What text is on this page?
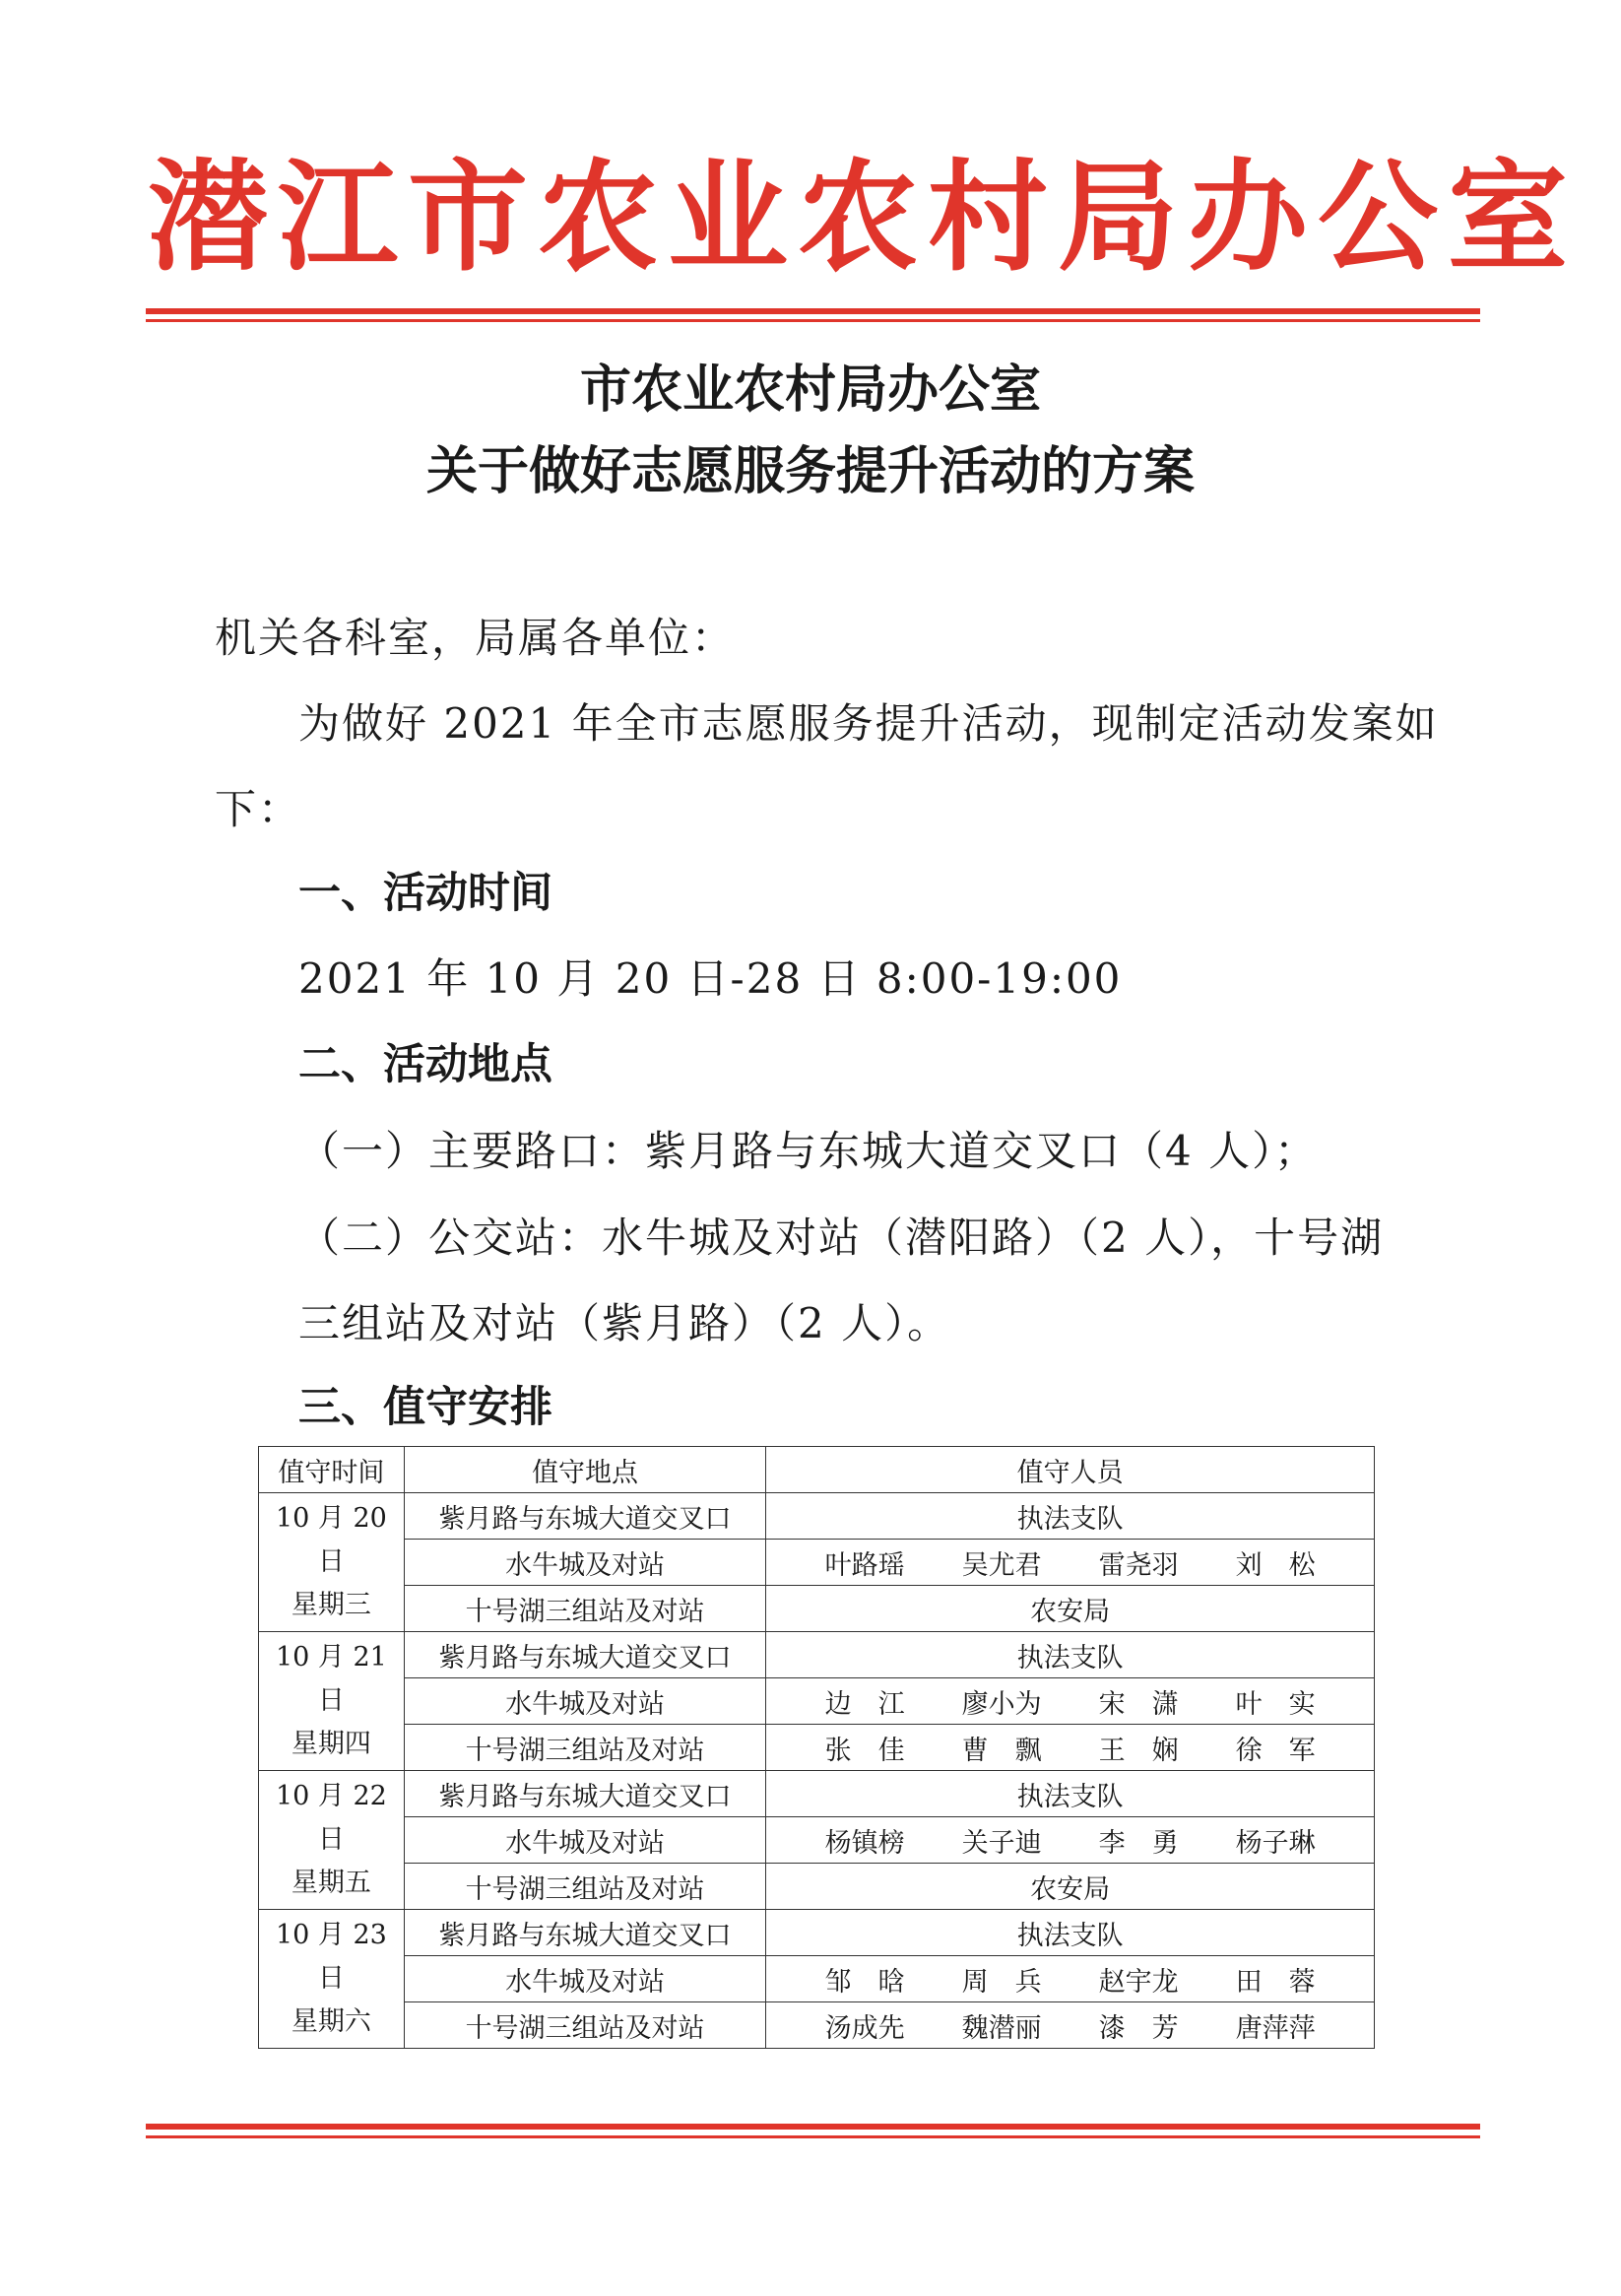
潜江市农业农村局办公室
市农业农村局办公室
关于做好志愿服务提升活动的方案
机关各科室，局属各单位：
为做好 2021 年全市志愿服务提升活动，现制定活动发案如
下：
一、活动时间
2021 年 10 月 20 日-28 日 8:00-19:00
二、活动地点
（一）主要路口：紫月路与东城大道交叉口（4 人）；
（二）公交站：水牛城及对站（潜阳路）（2 人），十号湖
三组站及对站（紫月路）（2 人）。
三、值守安排
值守时间	值守地点	值守人员

10 月 20 日
星期三	紫月路与东城大道交叉口	执法支队

	水牛城及对站	叶路瑶 吴尤君 雷尧羽 刘　松

	十号湖三组站及对站	农安局

10 月 21 日
星期四	紫月路与东城大道交叉口	执法支队

	水牛城及对站	边　江 廖小为 宋　潇 叶　实

	十号湖三组站及对站	张　佳 曹　飘 王　娴 徐　军

10 月 22 日
星期五	紫月路与东城大道交叉口	执法支队

	水牛城及对站	杨镇榜 关子迪 李　勇 杨子琳

	十号湖三组站及对站	农安局

10 月 23 日
星期六	紫月路与东城大道交叉口	执法支队

	水牛城及对站	邹　晗 周　兵 赵宇龙 田　蓉

	十号湖三组站及对站	汤成先 魏潜丽 漆　芳 唐萍萍
